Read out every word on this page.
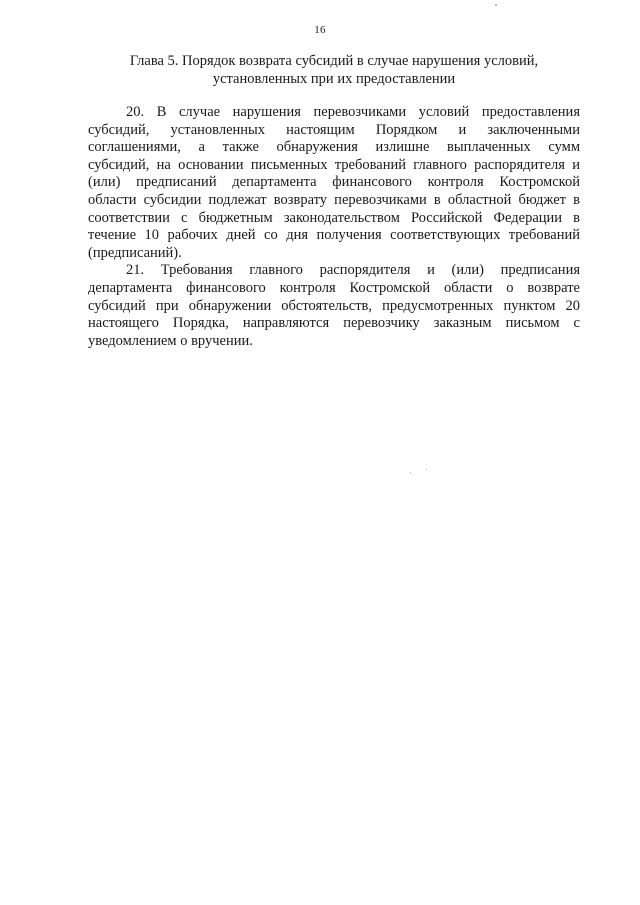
16
Глава 5. Порядок возврата субсидий в случае нарушения условий,
установленных при их предоставлении

20. В случае нарушения перевозчиками условий предоставления
субсидий, установленных настоящим Порядком и заключенными
соглашениями, а также обнаружения излишне выплаченных сумм
субсидий, на основании письменных требований главного распорядителя и
(или) предписаний департамента финансового контроля Костромской
области субсидии подлежат возврату перевозчиками в областной бюджет в
соответствии с бюджетным законодательством Российской Федерации в
течение 10 рабочих дней со дня получения соответствующих требований
(предписаний).

21. Требования главного распорядителя и (или) предписания
департамента финансового контроля Костромской области о возврате
субсидий при обнаружении обстоятельств, предусмотренных пунктом 20
настоящего Порядка, направляются перевозчику заказным письмом с
уведомлением о вручении.
